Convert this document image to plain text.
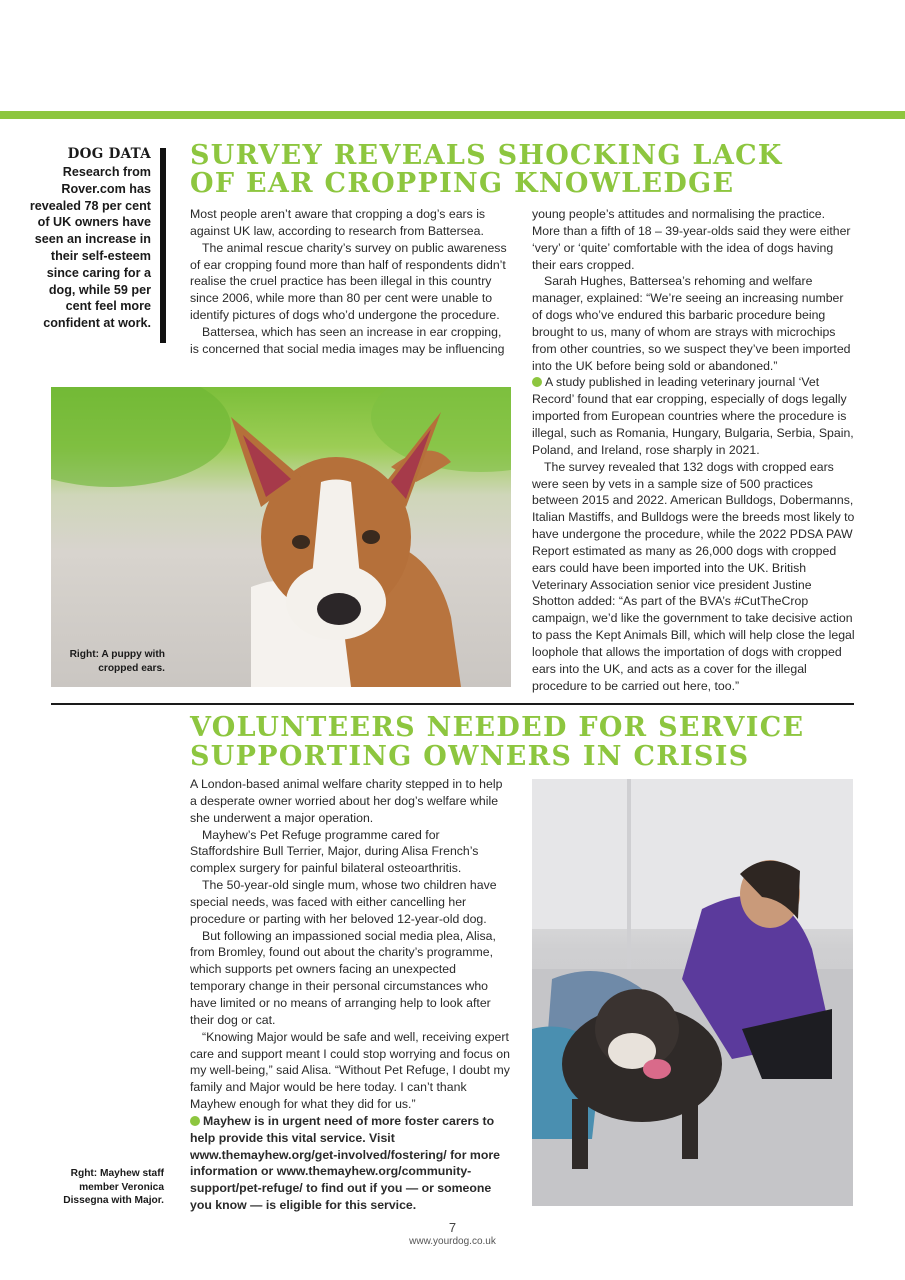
DOG DATA

Research from Rover.com has revealed 78 per cent of UK owners have seen an increase in their self-esteem since caring for a dog, while 59 per cent feel more confident at work.

SURVEY REVEALS SHOCKING LACK
OF EAR CROPPING KNOWLEDGE

Most people aren’t aware that cropping a dog’s ears is against UK law, according to research from Battersea.

The animal rescue charity’s survey on public awareness of ear cropping found more than half of respondents didn’t realise the cruel practice has been illegal in this country since 2006, while more than 80 per cent were unable to identify pictures of dogs who’d undergone the procedure.

Battersea, which has seen an increase in ear cropping, is concerned that social media images may be influencing

young people’s attitudes and normalising the practice. More than a fifth of 18 – 39-year-olds said they were either ‘very’ or ‘quite’ comfortable with the idea of dogs having their ears cropped.

Sarah Hughes, Battersea’s rehoming and welfare manager, explained: “We’re seeing an increasing number of dogs who’ve endured this barbaric procedure being brought to us, many of whom are strays with microchips from other countries, so we suspect they’ve been imported into the UK before being sold or abandoned.”

A study published in leading veterinary journal ‘Vet Record’ found that ear cropping, especially of dogs legally imported from European countries where the procedure is illegal, such as Romania, Hungary, Bulgaria, Serbia, Spain, Poland, and Ireland, rose sharply in 2021.

The survey revealed that 132 dogs with cropped ears were seen by vets in a sample size of 500 practices between 2015 and 2022. American Bulldogs, Dobermanns, Italian Mastiffs, and Bulldogs were the breeds most likely to have undergone the procedure, while the 2022 PDSA PAW Report estimated as many as 26,000 dogs with cropped ears could have been imported into the UK. British Veterinary Association senior vice president Justine Shotton added: “As part of the BVA’s #CutTheCrop campaign, we’d like the government to take decisive action to pass the Kept Animals Bill, which will help close the legal loophole that allows the importation of dogs with cropped ears into the UK, and acts as a cover for the illegal procedure to be carried out here, too.”

Right: A puppy with cropped ears.

VOLUNTEERS NEEDED FOR SERVICE
SUPPORTING OWNERS IN CRISIS

A London-based animal welfare charity stepped in to help a desperate owner worried about her dog’s welfare while she underwent a major operation.

Mayhew’s Pet Refuge programme cared for Staffordshire Bull Terrier, Major, during Alisa French’s complex surgery for painful bilateral osteoarthritis.

The 50-year-old single mum, whose two children have special needs, was faced with either cancelling her procedure or parting with her beloved 12-year-old dog.

But following an impassioned social media plea, Alisa, from Bromley, found out about the charity’s programme, which supports pet owners facing an unexpected temporary change in their personal circumstances who have limited or no means of arranging help to look after their dog or cat.

“Knowing Major would be safe and well, receiving expert care and support meant I could stop worrying and focus on my well-being,” said Alisa. “Without Pet Refuge, I doubt my family and Major would be here today. I can’t thank Mayhew enough for what they did for us.”

Mayhew is in urgent need of more foster carers to help provide this vital service. Visit www.themayhew.org/get-involved/fostering/ for more information or www.themayhew.org/community-support/pet-refuge/ to find out if you — or someone you know — is eligible for this service.

Rght: Mayhew staff member Veronica Dissegna with Major.

7
www.yourdog.co.uk
